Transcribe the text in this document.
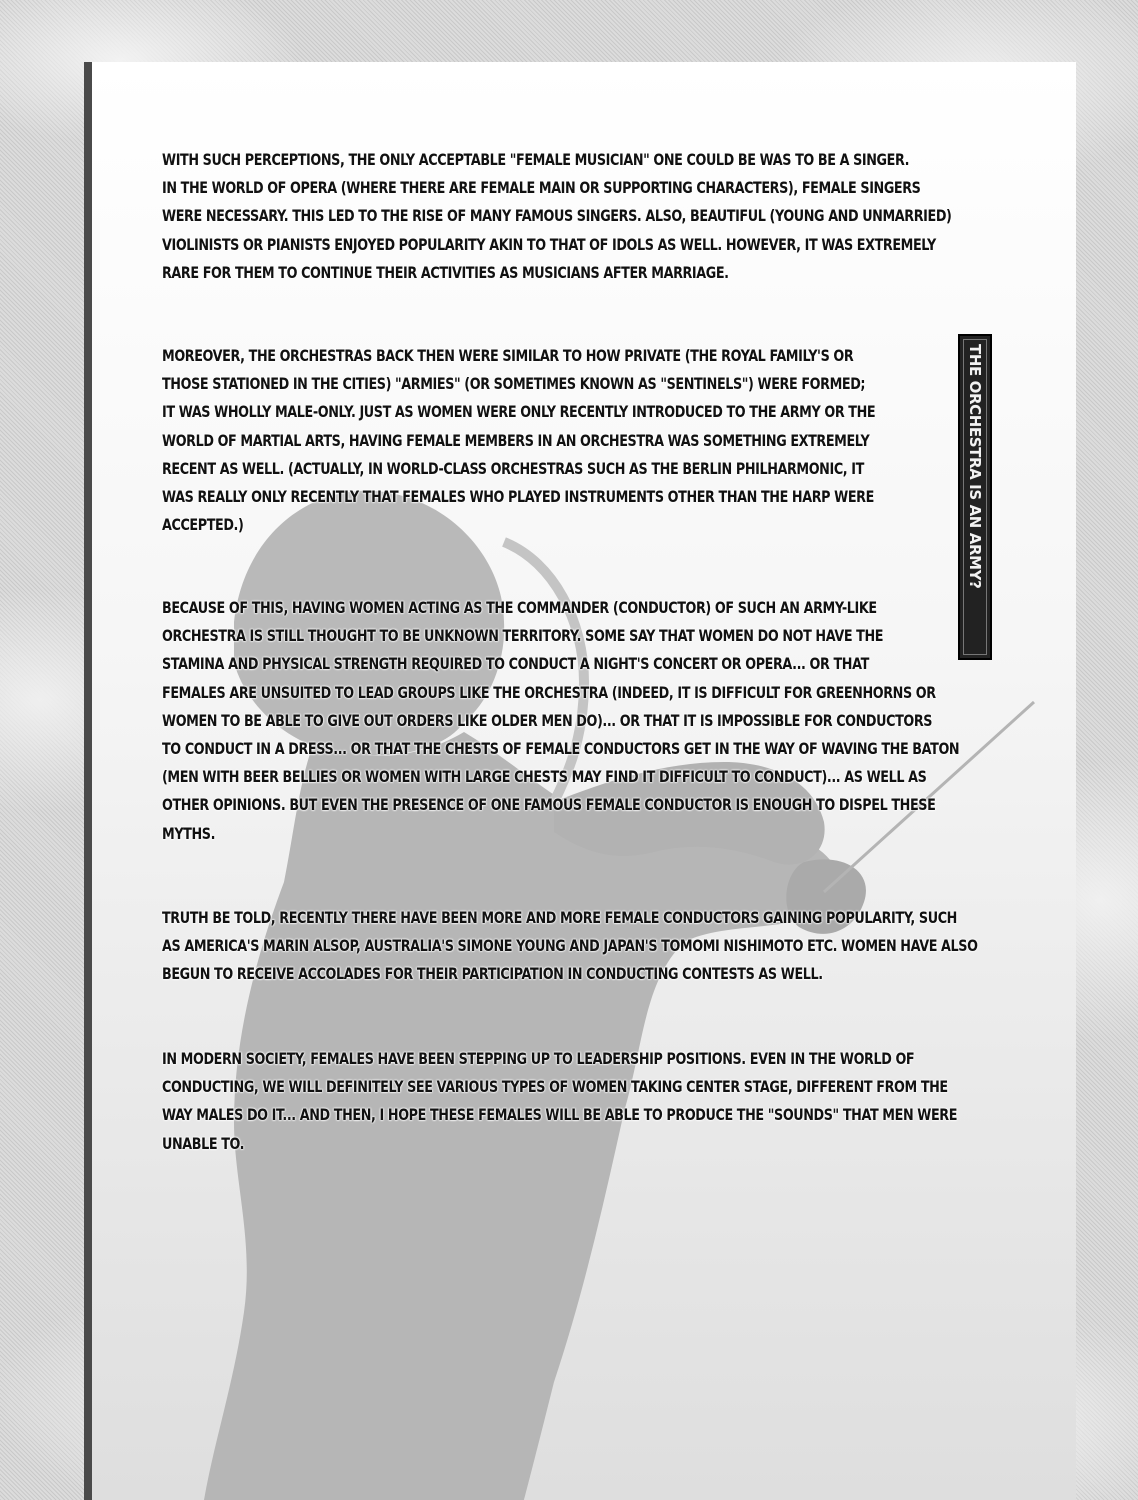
THE ORCHESTRA IS AN ARMY?
WITH SUCH PERCEPTIONS, THE ONLY ACCEPTABLE "FEMALE MUSICIAN" ONE COULD BE WAS TO BE A SINGER.
IN THE WORLD OF OPERA (WHERE THERE ARE FEMALE MAIN OR SUPPORTING CHARACTERS), FEMALE SINGERS
WERE NECESSARY. THIS LED TO THE RISE OF MANY FAMOUS SINGERS. ALSO, BEAUTIFUL (YOUNG AND UNMARRIED)
VIOLINISTS OR PIANISTS ENJOYED POPULARITY AKIN TO THAT OF IDOLS AS WELL. HOWEVER, IT WAS EXTREMELY
RARE FOR THEM TO CONTINUE THEIR ACTIVITIES AS MUSICIANS AFTER MARRIAGE.
MOREOVER, THE ORCHESTRAS BACK THEN WERE SIMILAR TO HOW PRIVATE (THE ROYAL FAMILY'S OR
THOSE STATIONED IN THE CITIES) "ARMIES" (OR SOMETIMES KNOWN AS "SENTINELS") WERE FORMED;
IT WAS WHOLLY MALE-ONLY. JUST AS WOMEN WERE ONLY RECENTLY INTRODUCED TO THE ARMY OR THE
WORLD OF MARTIAL ARTS, HAVING FEMALE MEMBERS IN AN ORCHESTRA WAS SOMETHING EXTREMELY
RECENT AS WELL. (ACTUALLY, IN WORLD-CLASS ORCHESTRAS SUCH AS THE BERLIN PHILHARMONIC, IT
WAS REALLY ONLY RECENTLY THAT FEMALES WHO PLAYED INSTRUMENTS OTHER THAN THE HARP WERE
ACCEPTED.)
BECAUSE OF THIS, HAVING WOMEN ACTING AS THE COMMANDER (CONDUCTOR) OF SUCH AN ARMY-LIKE
ORCHESTRA IS STILL THOUGHT TO BE UNKNOWN TERRITORY. SOME SAY THAT WOMEN DO NOT HAVE THE
STAMINA AND PHYSICAL STRENGTH REQUIRED TO CONDUCT A NIGHT'S CONCERT OR OPERA... OR THAT
FEMALES ARE UNSUITED TO LEAD GROUPS LIKE THE ORCHESTRA (INDEED, IT IS DIFFICULT FOR GREENHORNS OR
WOMEN TO BE ABLE TO GIVE OUT ORDERS LIKE OLDER MEN DO)... OR THAT IT IS IMPOSSIBLE FOR CONDUCTORS
TO CONDUCT IN A DRESS... OR THAT THE CHESTS OF FEMALE CONDUCTORS GET IN THE WAY OF WAVING THE BATON
(MEN WITH BEER BELLIES OR WOMEN WITH LARGE CHESTS MAY FIND IT DIFFICULT TO CONDUCT)... AS WELL AS
OTHER OPINIONS. BUT EVEN THE PRESENCE OF ONE FAMOUS FEMALE CONDUCTOR IS ENOUGH TO DISPEL THESE
MYTHS.
TRUTH BE TOLD, RECENTLY THERE HAVE BEEN MORE AND MORE FEMALE CONDUCTORS GAINING POPULARITY, SUCH
AS AMERICA'S MARIN ALSOP, AUSTRALIA'S SIMONE YOUNG AND JAPAN'S TOMOMI NISHIMOTO ETC. WOMEN HAVE ALSO
BEGUN TO RECEIVE ACCOLADES FOR THEIR PARTICIPATION IN CONDUCTING CONTESTS AS WELL.
IN MODERN SOCIETY, FEMALES HAVE BEEN STEPPING UP TO LEADERSHIP POSITIONS. EVEN IN THE WORLD OF
CONDUCTING, WE WILL DEFINITELY SEE VARIOUS TYPES OF WOMEN TAKING CENTER STAGE, DIFFERENT FROM THE
WAY MALES DO IT... AND THEN, I HOPE THESE FEMALES WILL BE ABLE TO PRODUCE THE "SOUNDS" THAT MEN WERE
UNABLE TO.
